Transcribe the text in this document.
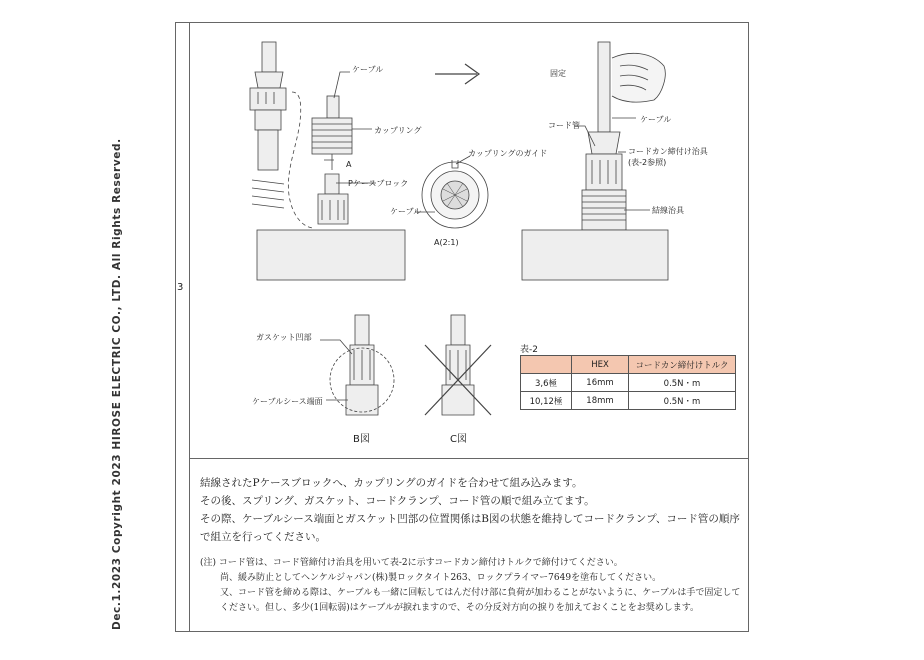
Dec.1.2023 Copyright 2023 HIROSE ELECTRIC CO., LTD. All Rights Reserved.	3
ケーブル
カップリング
A
Pケースブロック
カップリングのガイド
ケーブル
A(2:1)
固定
コード管
ケーブル
コードカン締付け治具
(表-2参照)
結線治具
ガスケット凹部
ケーブルシース端面
B図	C図
表-2
	HEX	コードカン締付けトルク
3,6極	16mm	0.5N・m
10,12極	18mm	0.5N・m

結線されたPケースブロックへ、カップリングのガイドを合わせて組み込みます。

その後、スプリング、ガスケット、コードクランプ、コード管の順で組み立てます。

その際、ケーブルシース端面とガスケット凹部の位置関係はB図の状態を維持してコードクランプ、コード管の順序で組立を行ってください。

(注) コード管は、コード管締付け治具を用いて表-2に示すコードカン締付けトルクで締付けてください。

尚、緩み防止としてヘンケルジャパン(株)製ロックタイト263、ロックプライマー7649を塗布してください。

又、コード管を締める際は、ケーブルも一緒に回転してはんだ付け部に負荷が加わることがないように、ケーブルは手で固定してください。但し、多少(1回転弱)はケーブルが捩れますので、その分反対方向の捩りを加えておくことをお奨めします。
